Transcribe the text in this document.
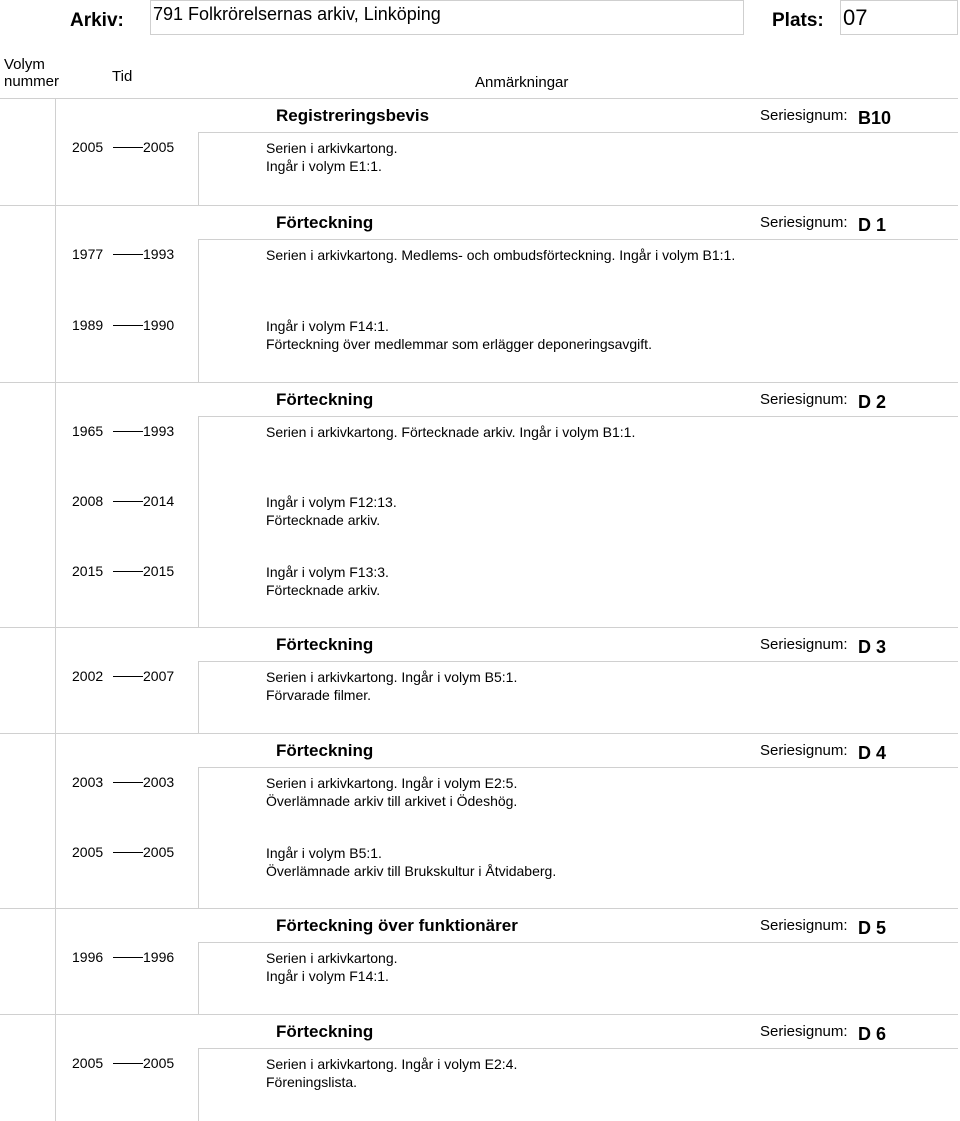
Arkiv: 791 Folkrörelsernas arkiv, Linköping	Plats: 07
Volym
nummer	Tid	Anmärkningar
Registreringsbevis	Seriesignum: B10
2005	2005	Serien i arkivkartong.
Ingår i volym E1:1.
Förteckning	Seriesignum: D 1
1977	1993	Serien i arkivkartong. Medlems- och ombudsförteckning. Ingår i volym B1:1.
1989	1990	Ingår i volym F14:1.
Förteckning över medlemmar som erlägger deponeringsavgift.
Förteckning	Seriesignum: D 2
1965	1993	Serien i arkivkartong. Förtecknade arkiv. Ingår i volym B1:1.
2008	2014	Ingår i volym F12:13.
Förtecknade arkiv.
2015	2015	Ingår i volym F13:3.
Förtecknade arkiv.
Förteckning	Seriesignum: D 3
2002	2007	Serien i arkivkartong. Ingår i volym B5:1.
Förvarade filmer.
Förteckning	Seriesignum: D 4
2003	2003	Serien i arkivkartong. Ingår i volym E2:5.
Överlämnade arkiv till arkivet i Ödeshög.
2005	2005	Ingår i volym B5:1.
Överlämnade arkiv till Brukskultur i Åtvidaberg.
Förteckning över funktionärer	Seriesignum: D 5
1996	1996	Serien i arkivkartong.
Ingår i volym F14:1.
Förteckning	Seriesignum: D 6
2005	2005	Serien i arkivkartong. Ingår i volym E2:4.
Föreningslista.
